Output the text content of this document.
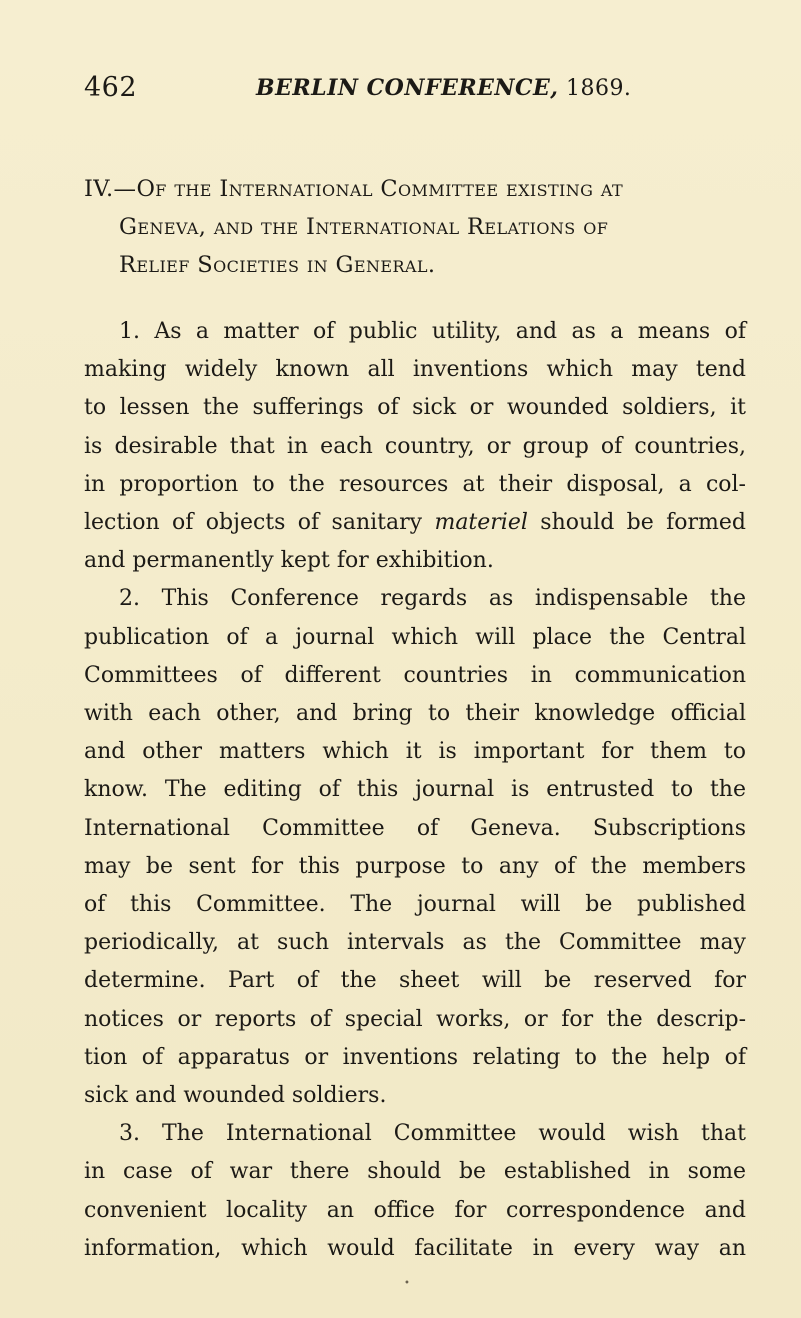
462	BERLIN CONFERENCE, 1869.
IV.—Of the International Committee existing at
Geneva, and the International Relations of
Relief Societies in General.
1. As a matter of public utility, and as a means of
making widely known all inventions which may tend
to lessen the sufferings of sick or wounded soldiers, it
is desirable that in each country, or group of countries,
in proportion to the resources at their disposal, a col-
lection of objects of sanitary materiel should be formed
and permanently kept for exhibition.
2. This Conference regards as indispensable the
publication of a journal which will place the Central
Committees of different countries in communication
with each other, and bring to their knowledge official
and other matters which it is important for them to
know. The editing of this journal is entrusted to the
International Committee of Geneva. Subscriptions
may be sent for this purpose to any of the members
of this Committee. The journal will be published
periodically, at such intervals as the Committee may
determine. Part of the sheet will be reserved for
notices or reports of special works, or for the descrip-
tion of apparatus or inventions relating to the help of
sick and wounded soldiers.
3. The International Committee would wish that
in case of war there should be established in some
convenient locality an office for correspondence and
information, which would facilitate in every way an
•
